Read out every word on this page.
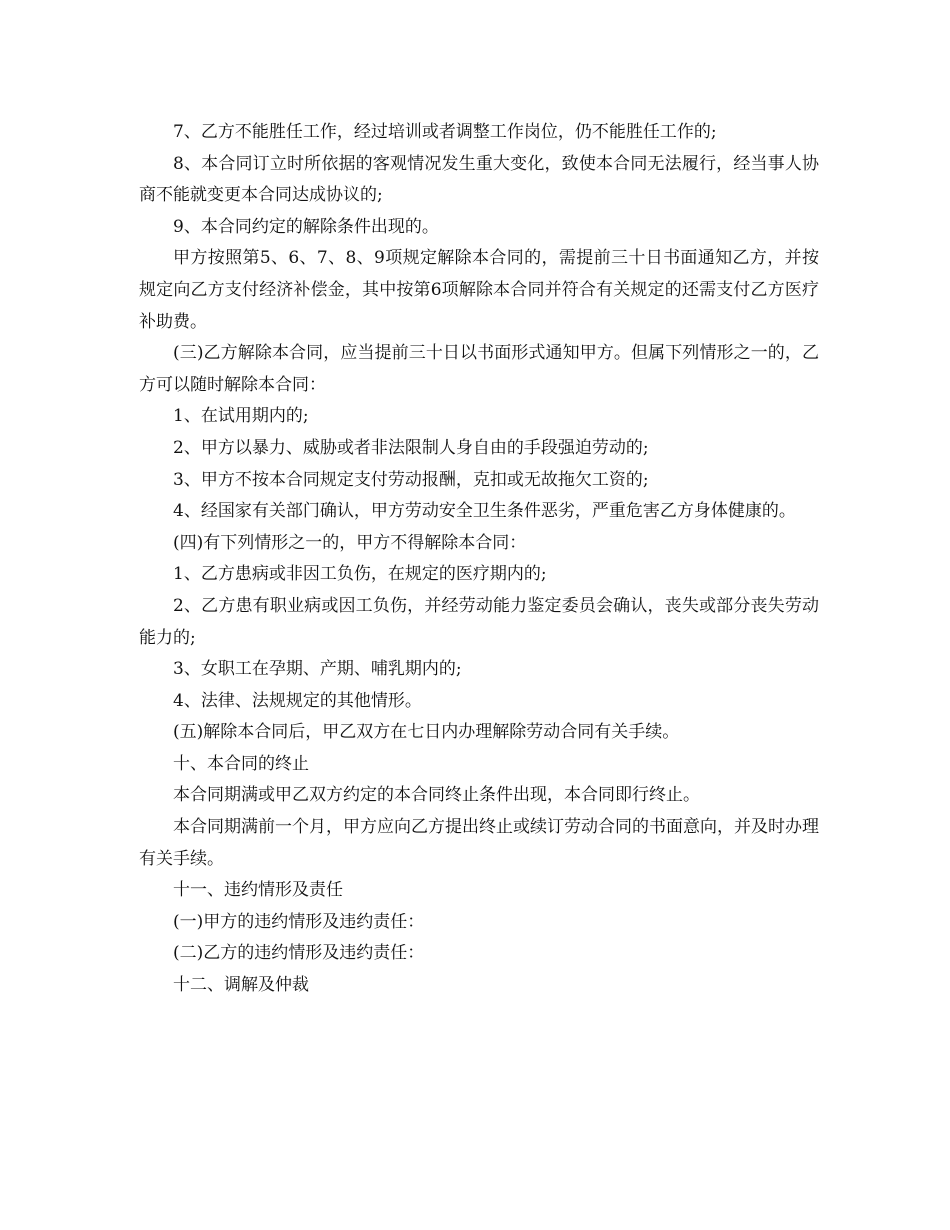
7、乙方不能胜任工作，经过培训或者调整工作岗位，仍不能胜任工作的;

8、本合同订立时所依据的客观情况发生重大变化，致使本合同无法履行，经当事人协商不能就变更本合同达成协议的;

9、本合同约定的解除条件出现的。

甲方按照第5、6、7、8、9项规定解除本合同的，需提前三十日书面通知乙方，并按规定向乙方支付经济补偿金，其中按第6项解除本合同并符合有关规定的还需支付乙方医疗补助费。

(三)乙方解除本合同，应当提前三十日以书面形式通知甲方。但属下列情形之一的，乙方可以随时解除本合同：

1、在试用期内的;

2、甲方以暴力、威胁或者非法限制人身自由的手段强迫劳动的;

3、甲方不按本合同规定支付劳动报酬，克扣或无故拖欠工资的;

4、经国家有关部门确认，甲方劳动安全卫生条件恶劣，严重危害乙方身体健康的。

(四)有下列情形之一的，甲方不得解除本合同：

1、乙方患病或非因工负伤，在规定的医疗期内的;

2、乙方患有职业病或因工负伤，并经劳动能力鉴定委员会确认，丧失或部分丧失劳动能力的;

3、女职工在孕期、产期、哺乳期内的;

4、法律、法规规定的其他情形。

(五)解除本合同后，甲乙双方在七日内办理解除劳动合同有关手续。

十、本合同的终止

本合同期满或甲乙双方约定的本合同终止条件出现，本合同即行终止。

本合同期满前一个月，甲方应向乙方提出终止或续订劳动合同的书面意向，并及时办理有关手续。

十一、违约情形及责任

(一)甲方的违约情形及违约责任：

(二)乙方的违约情形及违约责任：

十二、调解及仲裁
